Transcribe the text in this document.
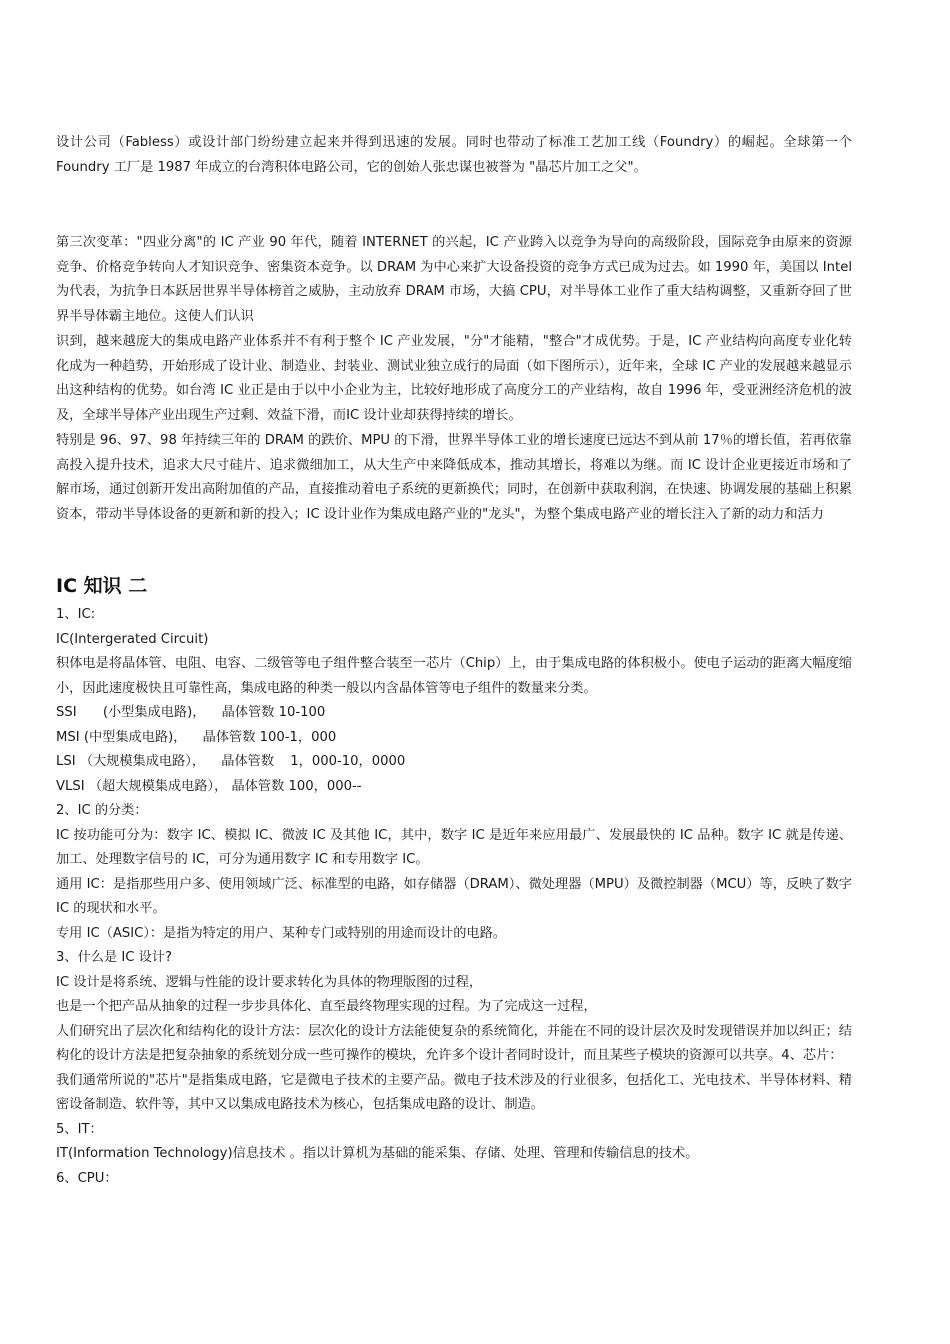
设计公司（Fabless）或设计部门纷纷建立起来并得到迅速的发展。同时也带动了标准工艺加工线（Foundry）的崛起。全球第一个 Foundry 工厂是 1987 年成立的台湾积体电路公司，它的创始人张忠谋也被誉为 "晶芯片加工之父"。

第三次变革："四业分离"的 IC 产业 90 年代，随着 INTERNET 的兴起，IC 产业跨入以竞争为导向的高级阶段，国际竞争由原来的资源竞争、价格竞争转向人才知识竞争、密集资本竞争。以 DRAM 为中心来扩大设备投资的竞争方式已成为过去。如 1990 年，美国以 Intel 为代表，为抗争日本跃居世界半导体榜首之威胁，主动放弃 DRAM 市场，大搞 CPU，对半导体工业作了重大结构调整，又重新夺回了世界半导体霸主地位。这使人们认识

识到，越来越庞大的集成电路产业体系并不有利于整个 IC 产业发展，"分"才能精，"整合"才成优势。于是，IC 产业结构向高度专业化转化成为一种趋势，开始形成了设计业、制造业、封装业、测试业独立成行的局面（如下图所示），近年来，全球 IC 产业的发展越来越显示出这种结构的优势。如台湾 IC 业正是由于以中小企业为主，比较好地形成了高度分工的产业结构，故自 1996 年，受亚洲经济危机的波及，全球半导体产业出现生产过剩、效益下滑，而IC 设计业却获得持续的增长。

特别是 96、97、98 年持续三年的 DRAM 的跌价、MPU 的下滑，世界半导体工业的增长速度已远达不到从前 17％的增长值，若再依靠高投入提升技术，追求大尺寸硅片、追求微细加工，从大生产中来降低成本，推动其增长，将难以为继。而 IC 设计企业更接近市场和了解市场，通过创新开发出高附加值的产品，直接推动着电子系统的更新换代；同时，在创新中获取利润，在快速、协调发展的基础上积累资本，带动半导体设备的更新和新的投入；IC 设计业作为集成电路产业的"龙头"，为整个集成电路产业的增长注入了新的动力和活力

IC 知识 二

1、IC:

IC(Intergerated Circuit)

积体电是将晶体管、电阻、电容、二级管等电子组件整合装至一芯片（Chip）上，由于集成电路的体积极小。使电子运动的距离大幅度缩小，因此速度极快且可靠性高，集成电路的种类一般以内含晶体管等电子组件的数量来分类。

SSI (小型集成电路)， 晶体管数 10-100

MSI (中型集成电路)， 晶体管数 100-1，000

LSI （大规模集成电路）， 晶体管数 1，000-10，0000

VLSI （超大规模集成电路）， 晶体管数 100，000--

2、IC 的分类：

IC 按功能可分为：数字 IC、模拟 IC、微波 IC 及其他 IC，其中，数字 IC 是近年来应用最广、发展最快的 IC 品种。数字 IC 就是传递、加工、处理数字信号的 IC，可分为通用数字 IC 和专用数字 IC。

通用 IC：是指那些用户多、使用领域广泛、标准型的电路，如存储器（DRAM）、微处理器（MPU）及微控制器（MCU）等，反映了数字 IC 的现状和水平。

专用 IC（ASIC）：是指为特定的用户、某种专门或特别的用途而设计的电路。

3、什么是 IC 设计?

IC 设计是将系统、逻辑与性能的设计要求转化为具体的物理版图的过程，

也是一个把产品从抽象的过程一步步具体化、直至最终物理实现的过程。为了完成这一过程，

人们研究出了层次化和结构化的设计方法：层次化的设计方法能使复杂的系统简化，并能在不同的设计层次及时发现错误并加以纠正；结构化的设计方法是把复杂抽象的系统划分成一些可操作的模块，允许多个设计者同时设计，而且某些子模块的资源可以共享。4、芯片：

我们通常所说的"芯片"是指集成电路，它是微电子技术的主要产品。微电子技术涉及的行业很多，包括化工、光电技术、半导体材料、精密设备制造、软件等，其中又以集成电路技术为核心，包括集成电路的设计、制造。

5、IT：

IT(Information Technology)信息技术 。指以计算机为基础的能采集、存储、处理、管理和传输信息的技术。

6、CPU：
